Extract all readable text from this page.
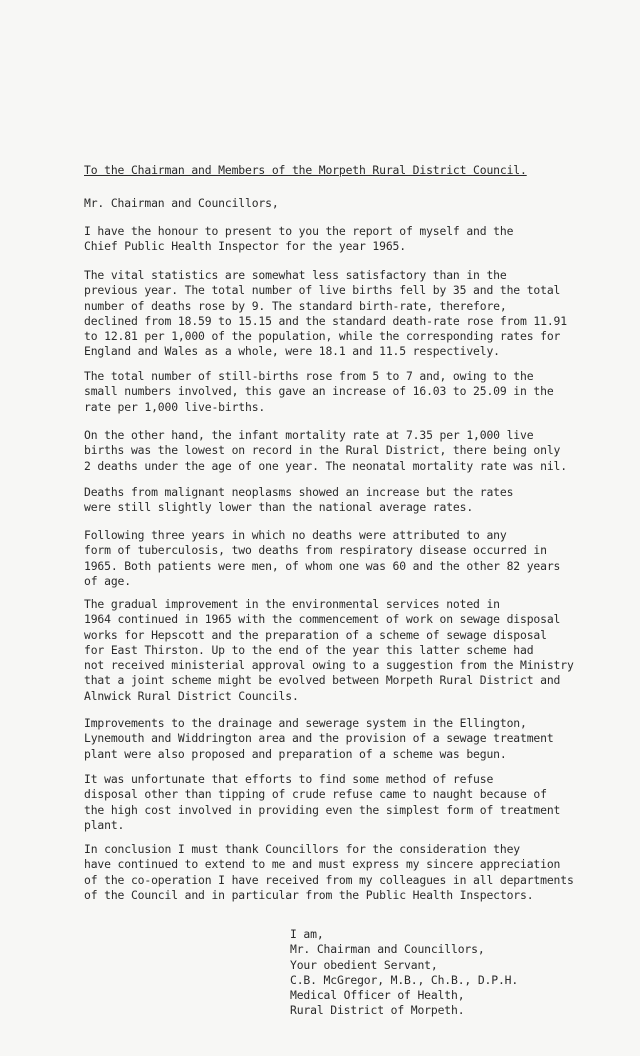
To the Chairman and Members of the Morpeth Rural District Council.
Mr. Chairman and Councillors,
I have the honour to present to you the report of myself and the
Chief Public Health Inspector for the year 1965.
The vital statistics are somewhat less satisfactory than in the
previous year. The total number of live births fell by 35 and the total
number of deaths rose by 9. The standard birth-rate, therefore,
declined from 18.59 to 15.15 and the standard death-rate rose from 11.91
to 12.81 per 1,000 of the population, while the corresponding rates for
England and Wales as a whole, were 18.1 and 11.5 respectively.
The total number of still-births rose from 5 to 7 and, owing to the
small numbers involved, this gave an increase of 16.03 to 25.09 in the
rate per 1,000 live-births.
On the other hand, the infant mortality rate at 7.35 per 1,000 live
births was the lowest on record in the Rural District, there being only
2 deaths under the age of one year. The neonatal mortality rate was nil.
Deaths from malignant neoplasms showed an increase but the rates
were still slightly lower than the national average rates.
Following three years in which no deaths were attributed to any
form of tuberculosis, two deaths from respiratory disease occurred in
1965. Both patients were men, of whom one was 60 and the other 82 years
of age.
The gradual improvement in the environmental services noted in
1964 continued in 1965 with the commencement of work on sewage disposal
works for Hepscott and the preparation of a scheme of sewage disposal
for East Thirston. Up to the end of the year this latter scheme had
not received ministerial approval owing to a suggestion from the Ministry
that a joint scheme might be evolved between Morpeth Rural District and
Alnwick Rural District Councils.
Improvements to the drainage and sewerage system in the Ellington,
Lynemouth and Widdrington area and the provision of a sewage treatment
plant were also proposed and preparation of a scheme was begun.
It was unfortunate that efforts to find some method of refuse
disposal other than tipping of crude refuse came to naught because of
the high cost involved in providing even the simplest form of treatment
plant.
In conclusion I must thank Councillors for the consideration they
have continued to extend to me and must express my sincere appreciation
of the co-operation I have received from my colleagues in all departments
of the Council and in particular from the Public Health Inspectors.
I am,
Mr. Chairman and Councillors,
Your obedient Servant,
C.B. McGregor, M.B., Ch.B., D.P.H.
Medical Officer of Health,
Rural District of Morpeth.
